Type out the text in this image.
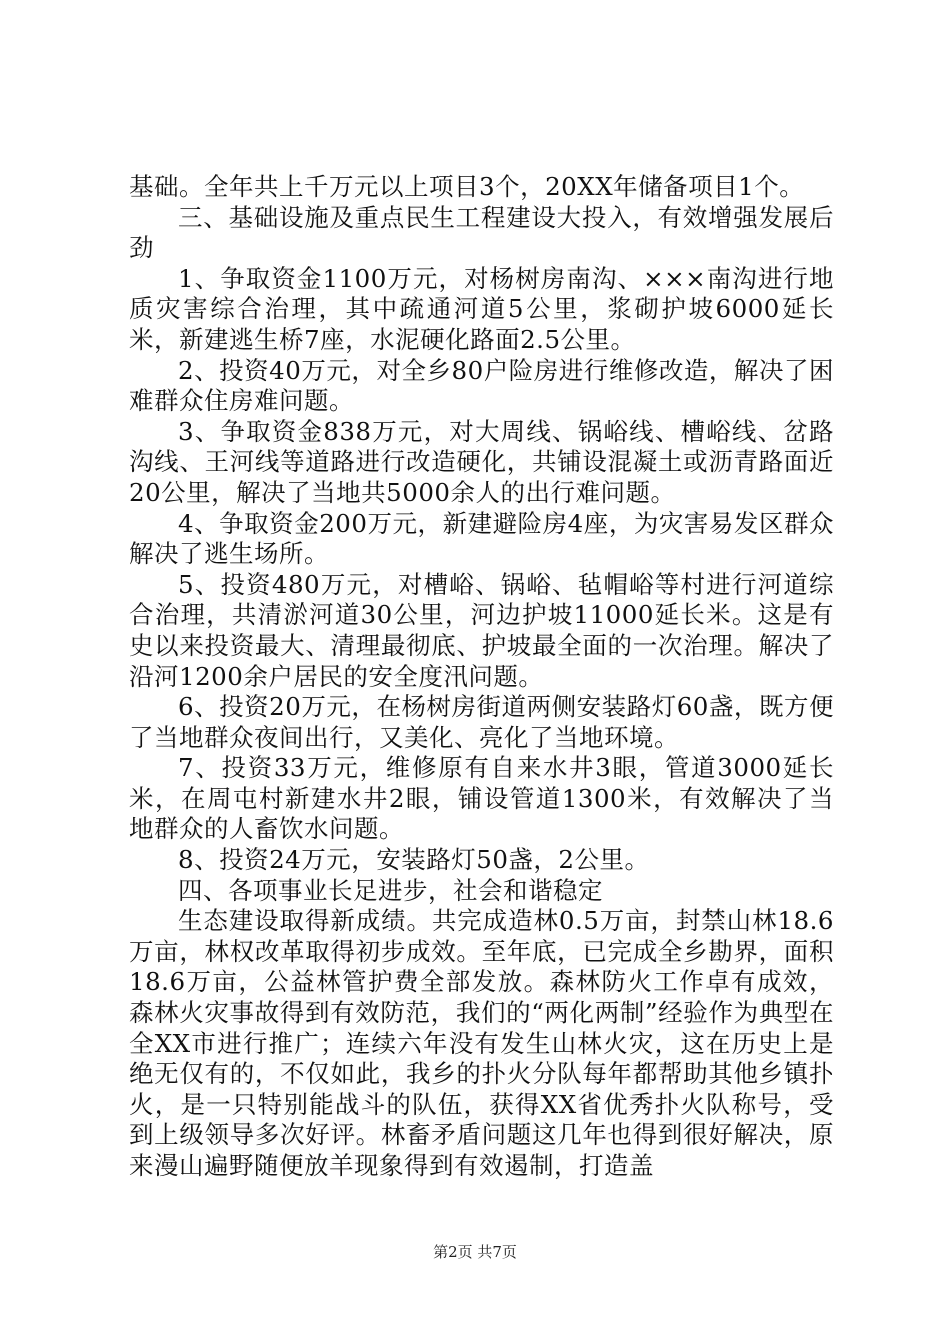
基础。全年共上千万元以上项目3个，20XX年储备项目1个。

三、基础设施及重点民生工程建设大投入，有效增强发展后劲

1、争取资金1100万元，对杨树房南沟、×××南沟进行地质灾害综合治理，其中疏通河道5公里，浆砌护坡6000延长米，新建逃生桥7座，水泥硬化路面2.5公里。

2、投资40万元，对全乡80户险房进行维修改造，解决了困难群众住房难问题。

3、争取资金838万元，对大周线、锅峪线、槽峪线、岔路沟线、王河线等道路进行改造硬化，共铺设混凝土或沥青路面近20公里，解决了当地共5000余人的出行难问题。

4、争取资金200万元，新建避险房4座，为灾害易发区群众解决了逃生场所。

5、投资480万元，对槽峪、锅峪、毡帽峪等村进行河道综合治理，共清淤河道30公里，河边护坡11000延长米。这是有史以来投资最大、清理最彻底、护坡最全面的一次治理。解决了沿河1200余户居民的安全度汛问题。

6、投资20万元，在杨树房街道两侧安装路灯60盏，既方便了当地群众夜间出行，又美化、亮化了当地环境。

7、投资33万元，维修原有自来水井3眼，管道3000延长米，在周屯村新建水井2眼，铺设管道1300米，有效解决了当地群众的人畜饮水问题。

8、投资24万元，安装路灯50盏，2公里。

四、各项事业长足进步，社会和谐稳定

生态建设取得新成绩。共完成造林0.5万亩，封禁山林18.6万亩，林权改革取得初步成效。至年底，已完成全乡勘界，面积18.6万亩，公益林管护费全部发放。森林防火工作卓有成效，森林火灾事故得到有效防范，我们的“两化两制”经验作为典型在全XX市进行推广；连续六年没有发生山林火灾，这在历史上是绝无仅有的，不仅如此，我乡的扑火分队每年都帮助其他乡镇扑火，是一只特别能战斗的队伍，获得XX省优秀扑火队称号，受到上级领导多次好评。林畜矛盾问题这几年也得到很好解决，原来漫山遍野随便放羊现象得到有效遏制，打造盖

第2页 共7页
